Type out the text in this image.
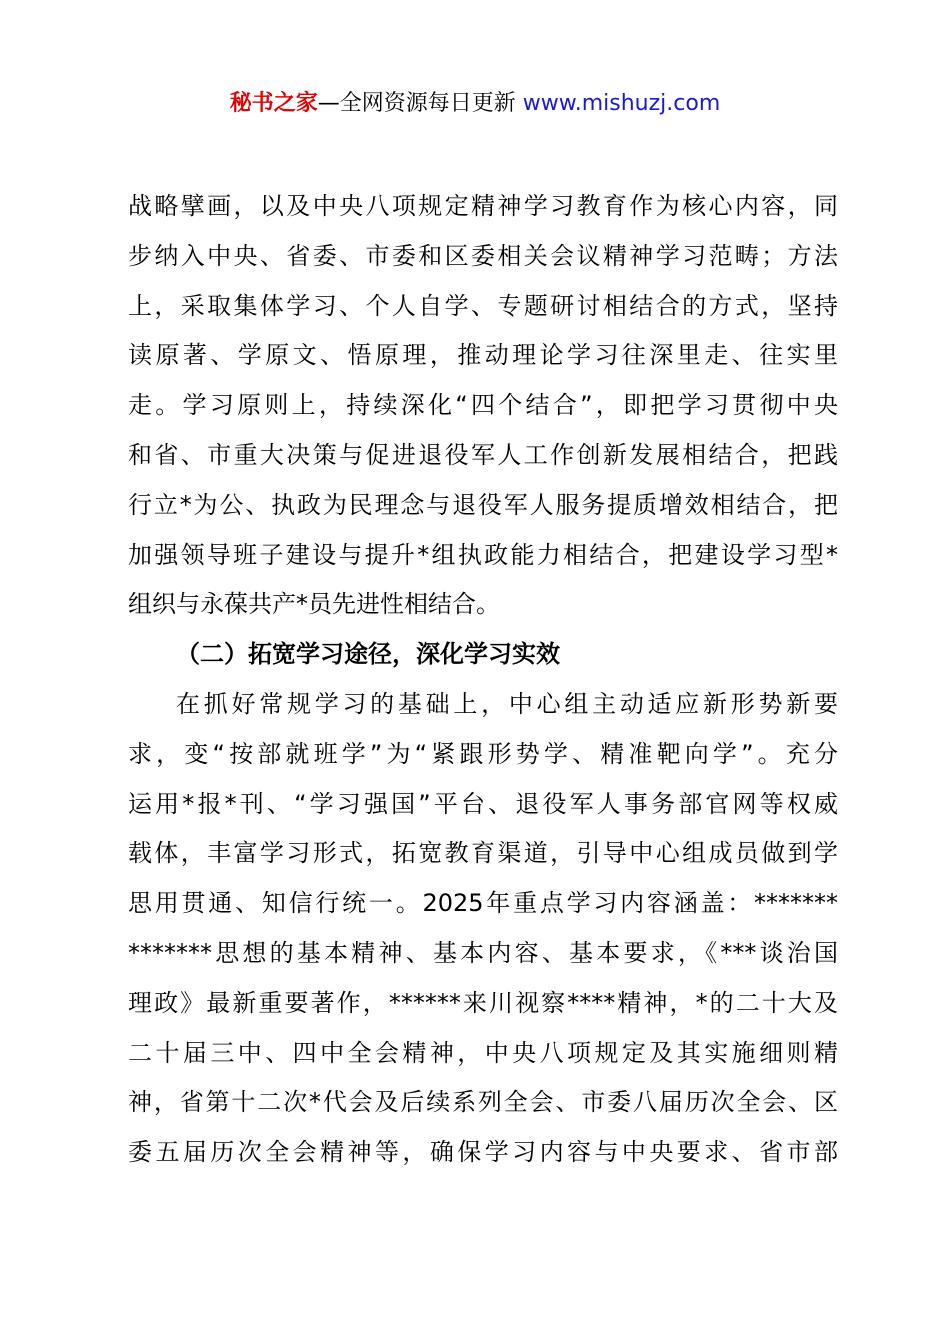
秘书之家—全网资源每日更新 www.mishuzj.com
战略擘画，以及中央八项规定精神学习教育作为核心内容，同
步纳入中央、省委、市委和区委相关会议精神学习范畴；方法
上，采取集体学习、个人自学、专题研讨相结合的方式，坚持
读原著、学原文、悟原理，推动理论学习往深里走、往实里
走。学习原则上，持续深化“四个结合”，即把学习贯彻中央
和省、市重大决策与促进退役军人工作创新发展相结合，把践
行立*为公、执政为民理念与退役军人服务提质增效相结合，把
加强领导班子建设与提升*组执政能力相结合，把建设学习型*
组织与永葆共产*员先进性相结合。
（二）拓宽学习途径，深化学习实效
在抓好常规学习的基础上，中心组主动适应新形势新要
求，变“按部就班学”为“紧跟形势学、精准靶向学”。充分
运用*报*刊、“学习强国”平台、退役军人事务部官网等权威
载体，丰富学习形式，拓宽教育渠道，引导中心组成员做到学
思用贯通、知信行统一。2025年重点学习内容涵盖：*******
*******思想的基本精神、基本内容、基本要求，《***谈治国
理政》最新重要著作，******来川视察****精神，*的二十大及
二十届三中、四中全会精神，中央八项规定及其实施细则精
神，省第十二次*代会及后续系列全会、市委八届历次全会、区
委五届历次全会精神等，确保学习内容与中央要求、省市部
